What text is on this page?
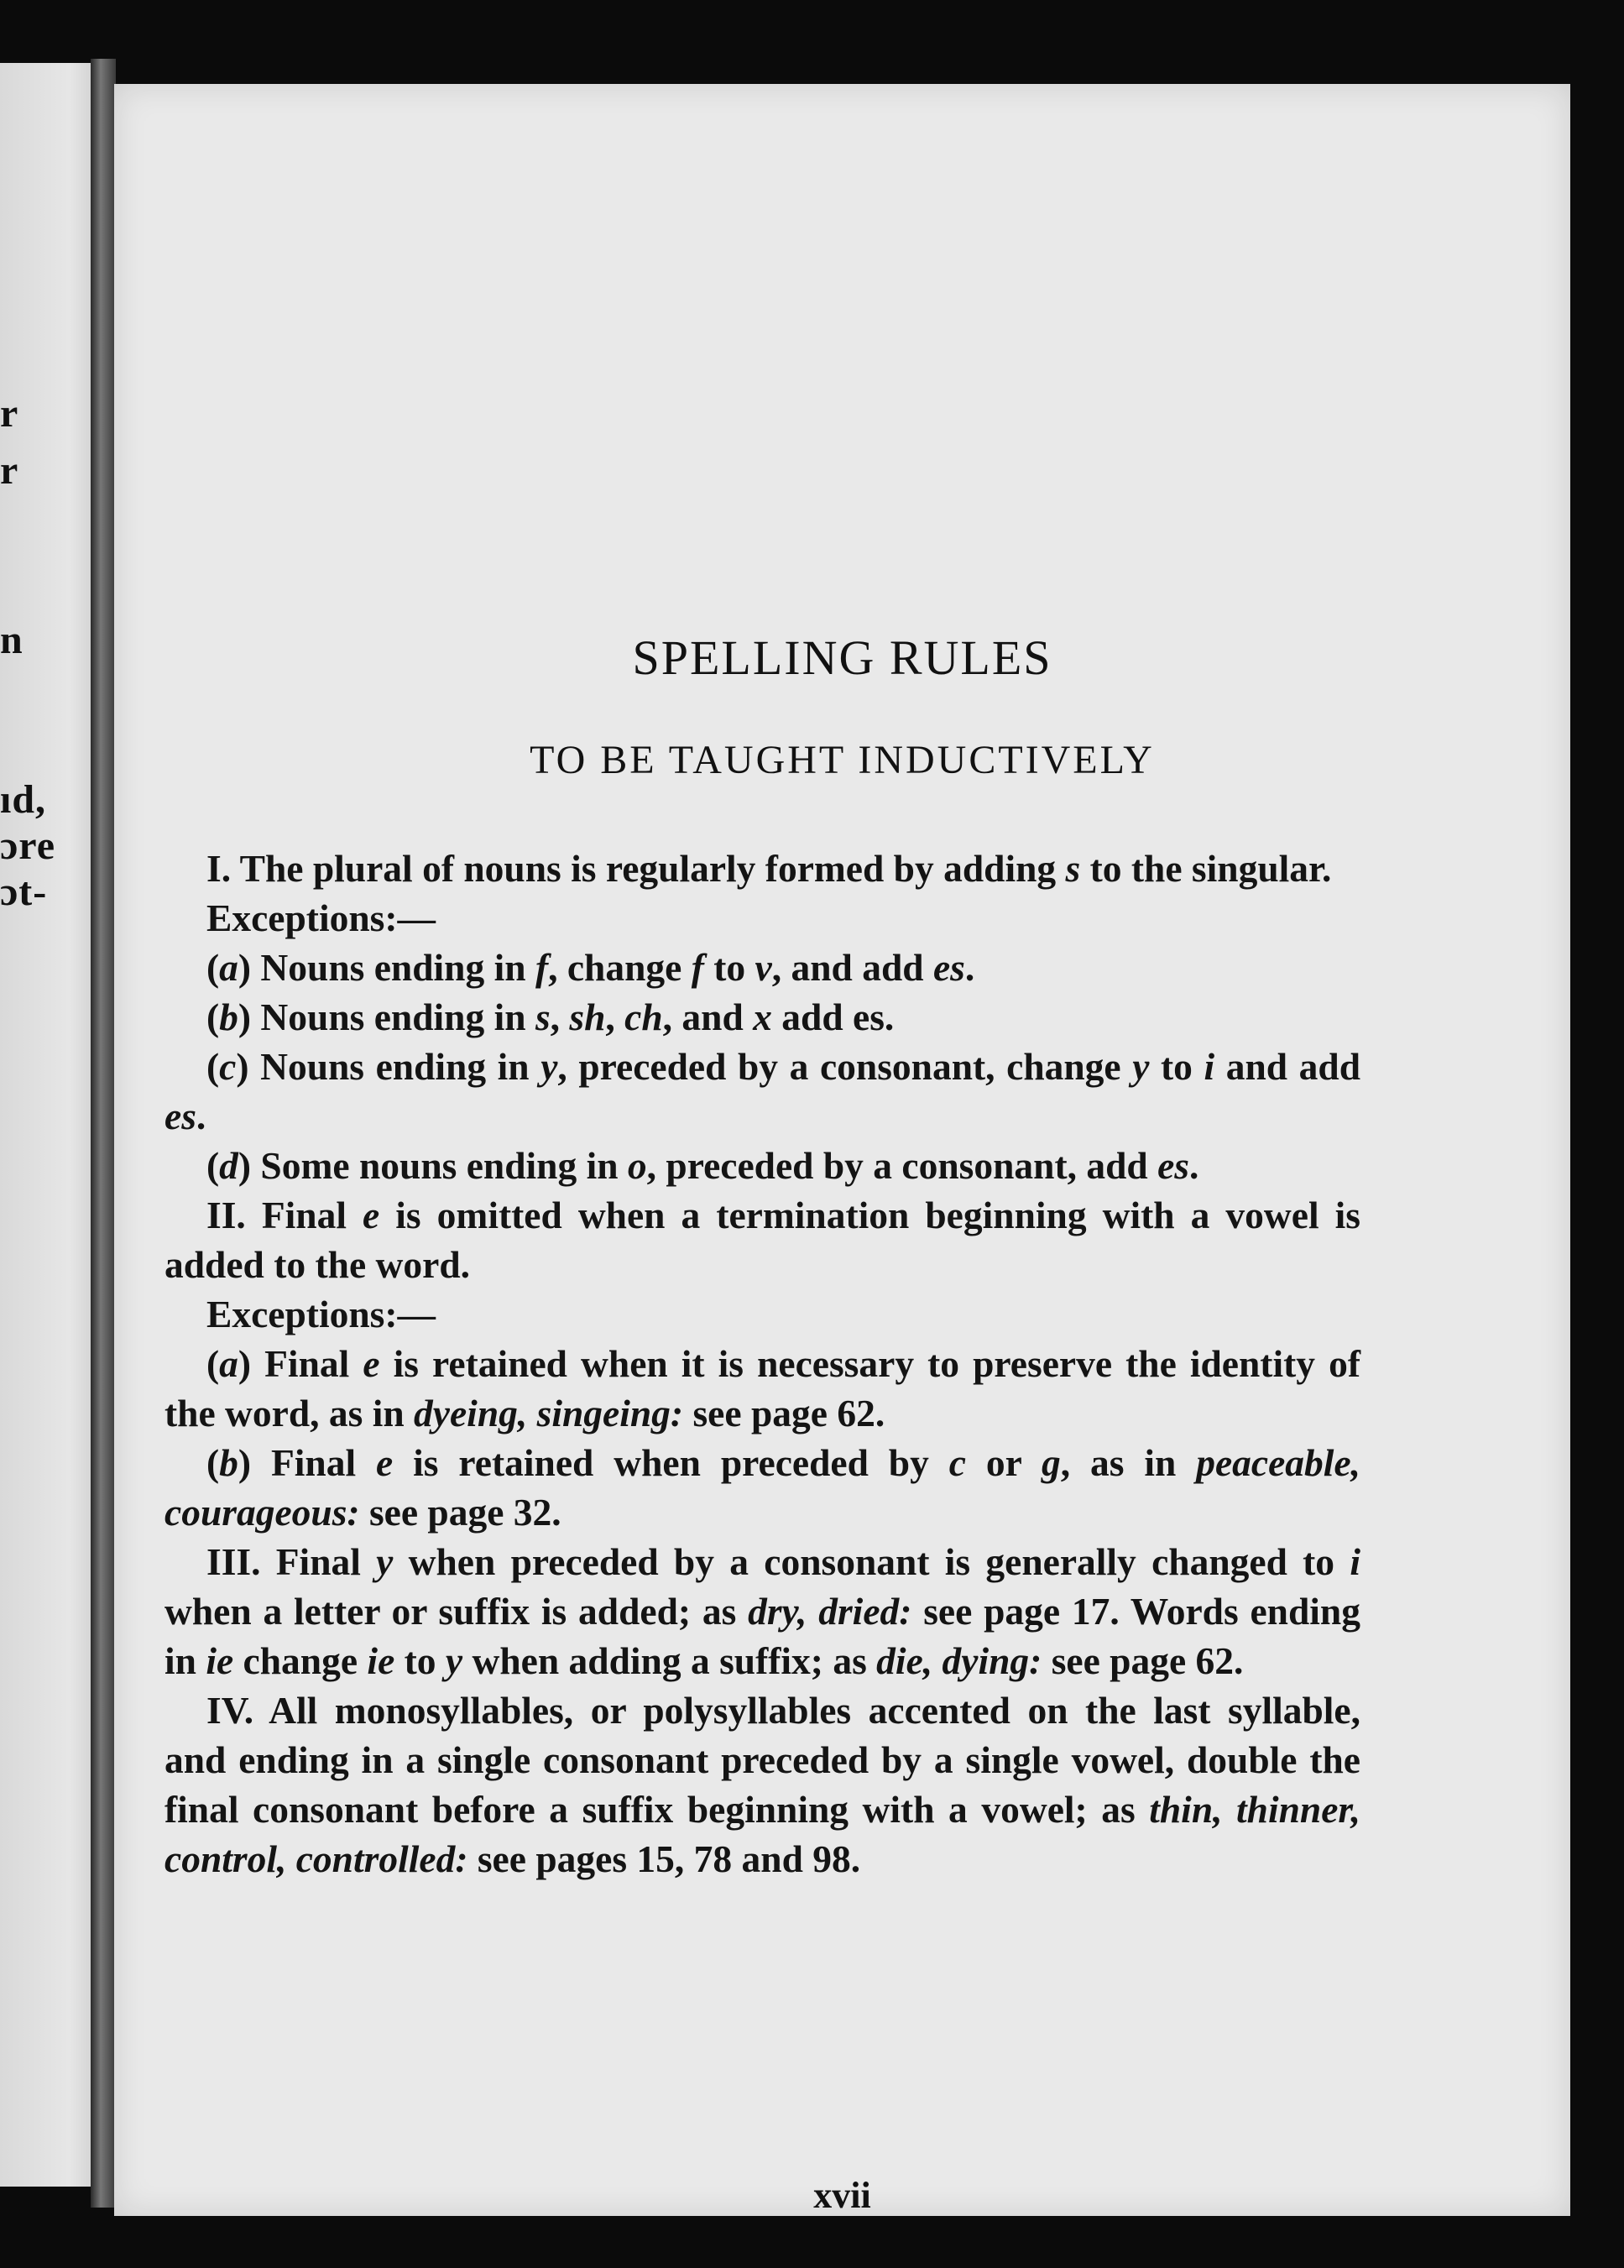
r
r
n
ıd,
ɔre
ɔt-
SPELLING RULES
TO BE TAUGHT INDUCTIVELY

I. The plural of nouns is regularly formed by adding s to the singular.

Exceptions:—

(a) Nouns ending in f, change f to v, and add es.

(b) Nouns ending in s, sh, ch, and x add es.

(c) Nouns ending in y, preceded by a consonant, change y to i and add es.

(d) Some nouns ending in o, preceded by a consonant, add es.

II. Final e is omitted when a termination beginning with a vowel is added to the word.

Exceptions:—

(a) Final e is retained when it is necessary to preserve the identity of the word, as in dyeing, singeing: see page 62.

(b) Final e is retained when preceded by c or g, as in peaceable, courageous: see page 32.

III. Final y when preceded by a consonant is generally changed to i when a letter or suffix is added; as dry, dried: see page 17. Words ending in ie change ie to y when adding a suffix; as die, dying: see page 62.

IV. All monosyllables, or polysyllables accented on the last syllable, and ending in a single consonant preceded by a single vowel, double the final consonant before a suffix beginning with a vowel; as thin, thinner, control, controlled: see pages 15, 78 and 98.

xvii
